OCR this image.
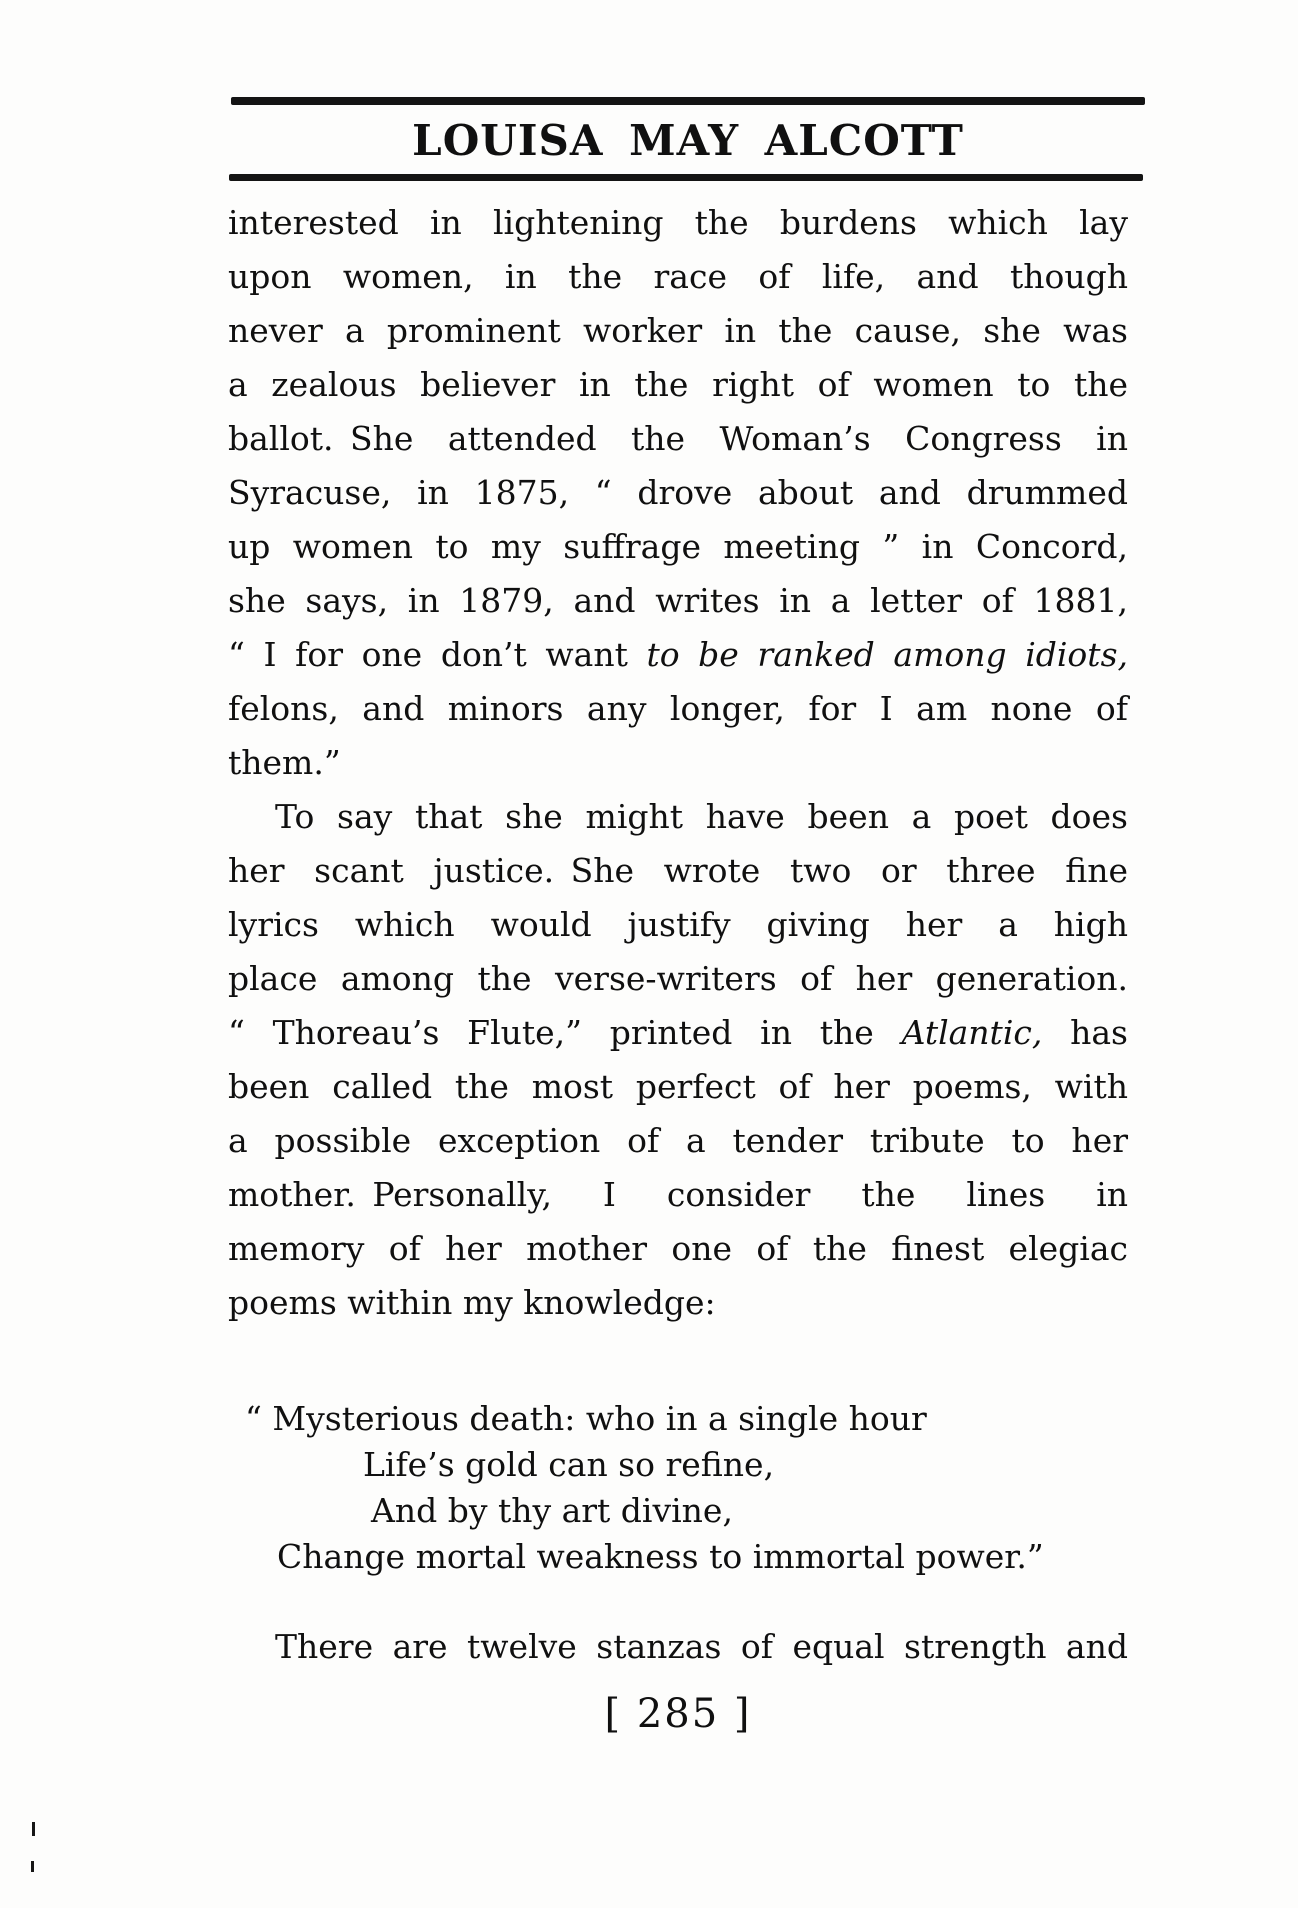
LOUISA MAY ALCOTT
interested in lightening the burdens which lay
upon women, in the race of life, and though
never a prominent worker in the cause, she was
a zealous believer in the right of women to the
ballot. She attended the Woman’s Congress in
Syracuse, in 1875, “ drove about and drummed
up women to my suffrage meeting ” in Concord,
she says, in 1879, and writes in a letter of 1881,
“ I for one don’t want to be ranked among idiots,
felons, and minors any longer, for I am none of
them.”
To say that she might have been a poet does
her scant justice. She wrote two or three fine
lyrics which would justify giving her a high
place among the verse-writers of her generation.
“ Thoreau’s Flute,” printed in the Atlantic, has
been called the most perfect of her poems, with
a possible exception of a tender tribute to her
mother. Personally, I consider the lines in
memory of her mother one of the finest elegiac
poems within my knowledge:
“ Mysterious death: who in a single hour
Life’s gold can so refine,
And by thy art divine,
Change mortal weakness to immortal power.”
There are twelve stanzas of equal strength and
[ 285 ]
